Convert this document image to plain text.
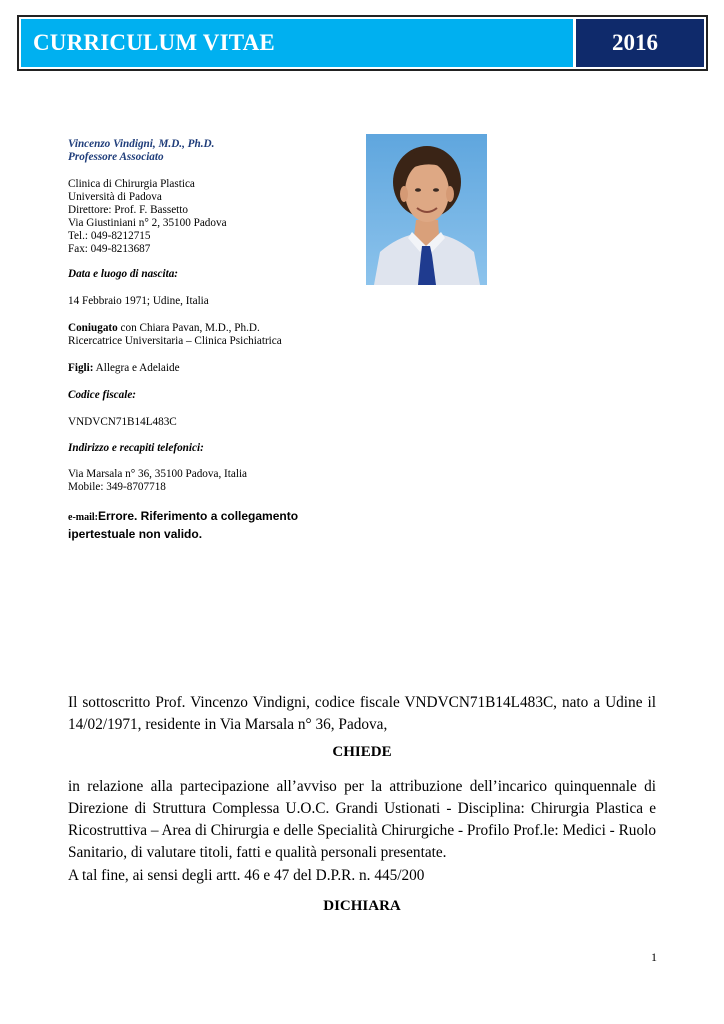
CURRICULUM VITAE	2016
Vincenzo Vindigni, M.D., Ph.D.
Professore Associato
Clinica di Chirurgia Plastica
Università di Padova
Direttore: Prof. F. Bassetto
Via Giustiniani n° 2, 35100 Padova
Tel.: 049-8212715
Fax: 049-8213687
Data e luogo di nascita:
14 Febbraio 1971; Udine, Italia
Coniugato con Chiara Pavan, M.D., Ph.D.
Ricercatrice Universitaria – Clinica Psichiatrica
Figli: Allegra e Adelaide
Codice fiscale:
VNDVCN71B14L483C
Indirizzo e recapiti telefonici:
Via Marsala n° 36, 35100 Padova, Italia
Mobile: 349-8707718
e-mail:Errore. Riferimento a collegamento
ipertestuale non valido.
Il sottoscritto Prof. Vincenzo Vindigni, codice fiscale VNDVCN71B14L483C, nato a Udine il 14/02/1971, residente in Via Marsala n° 36, Padova,
CHIEDE
in relazione alla partecipazione all’avviso per la attribuzione dell’incarico quinquennale di Direzione di Struttura Complessa U.O.C. Grandi Ustionati - Disciplina: Chirurgia Plastica e Ricostruttiva – Area di Chirurgia e delle Specialità Chirurgiche - Profilo Prof.le: Medici - Ruolo Sanitario, di valutare titoli, fatti e qualità personali presentate.
A tal fine, ai sensi degli artt. 46 e 47 del D.P.R. n. 445/200
DICHIARA
1
